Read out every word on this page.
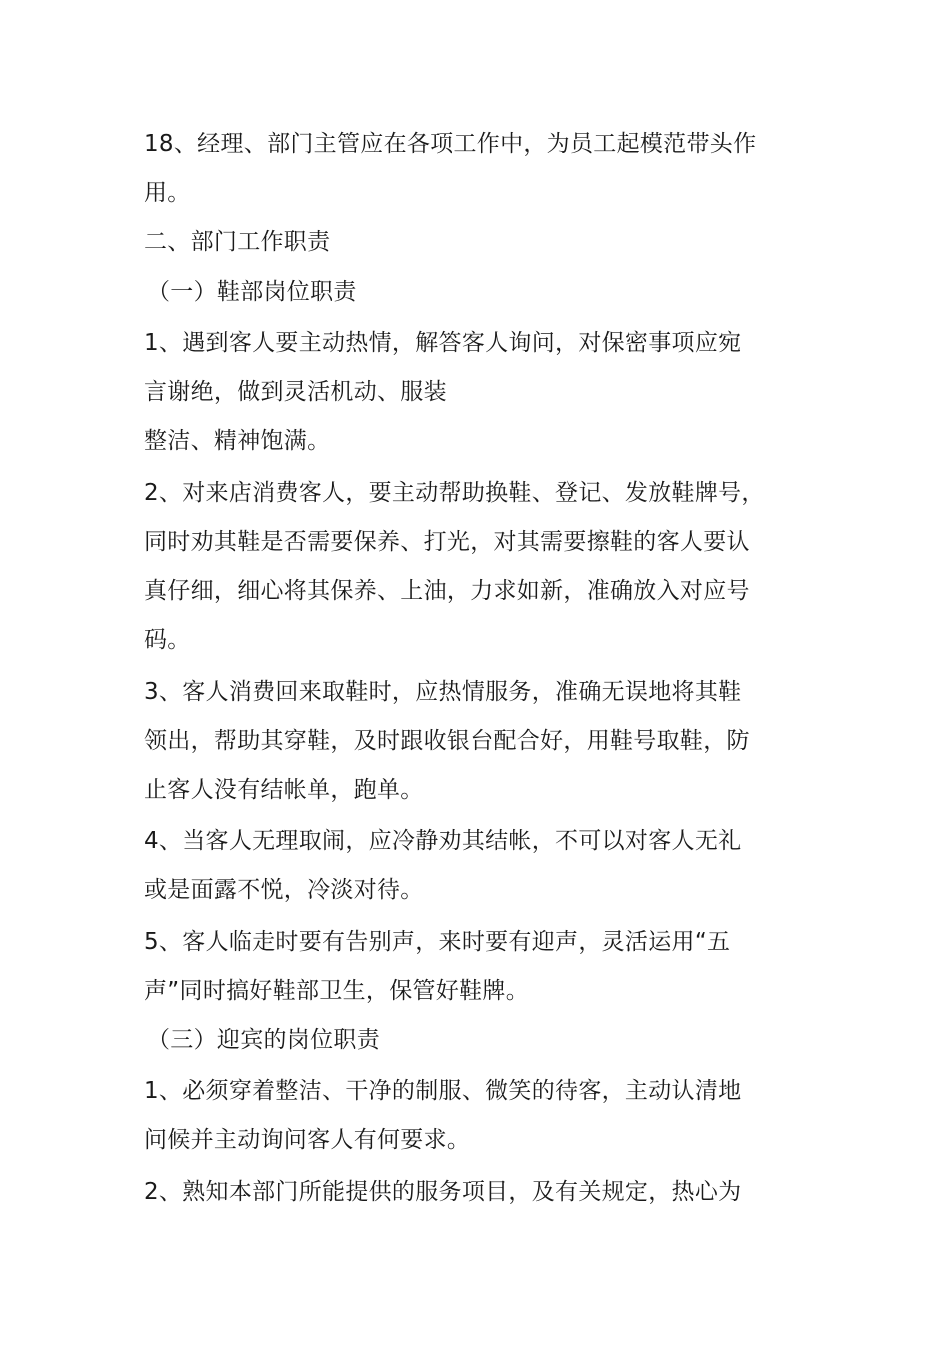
18、经理、部门主管应在各项工作中，为员工起模范带头作
用。
二、部门工作职责
（一）鞋部岗位职责
1、遇到客人要主动热情，解答客人询问，对保密事项应宛
言谢绝，做到灵活机动、服装
整洁、精神饱满。
2、对来店消费客人，要主动帮助换鞋、登记、发放鞋牌号，
同时劝其鞋是否需要保养、打光，对其需要擦鞋的客人要认
真仔细，细心将其保养、上油，力求如新，准确放入对应号
码。
3、客人消费回来取鞋时，应热情服务，准确无误地将其鞋
领出，帮助其穿鞋，及时跟收银台配合好，用鞋号取鞋，防
止客人没有结帐单，跑单。
4、当客人无理取闹，应冷静劝其结帐，不可以对客人无礼
或是面露不悦，冷淡对待。
5、客人临走时要有告别声，来时要有迎声，灵活运用“五
声”同时搞好鞋部卫生，保管好鞋牌。
（三）迎宾的岗位职责
1、必须穿着整洁、干净的制服、微笑的待客，主动认清地
问候并主动询问客人有何要求。
2、熟知本部门所能提供的服务项目，及有关规定，热心为
